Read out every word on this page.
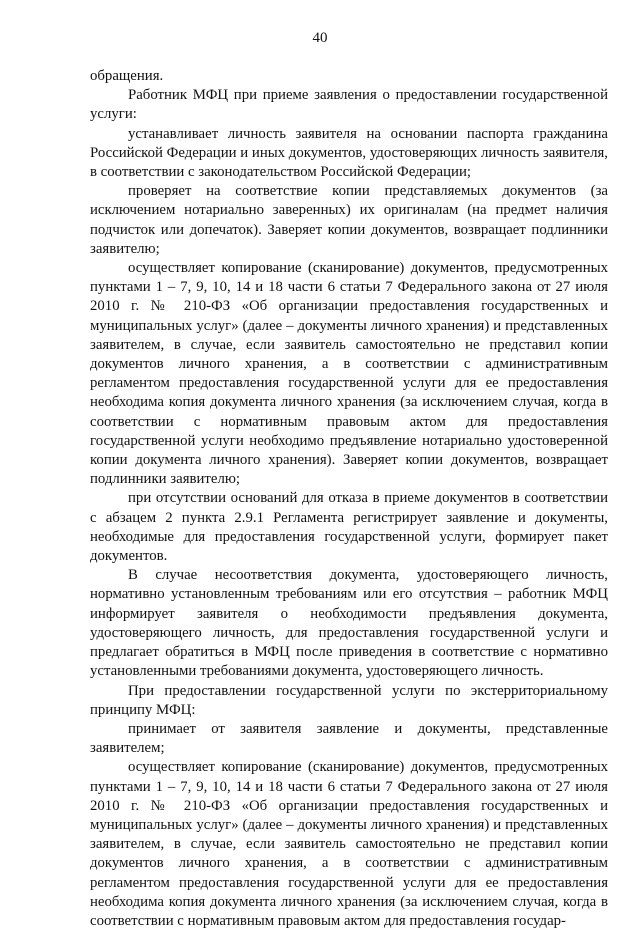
40

обращения.

Работник МФЦ при приеме заявления о предоставлении государственной услуги:

устанавливает личность заявителя на основании паспорта гражданина Российской Федерации и иных документов, удостоверяющих личность заявителя, в соответствии с законодательством Российской Федерации;

проверяет на соответствие копии представляемых документов (за исключением нотариально заверенных) их оригиналам (на предмет наличия подчисток или допечаток). Заверяет копии документов, возвращает подлинники заявителю;

осуществляет копирование (сканирование) документов, предусмотренных пунктами 1 – 7, 9, 10, 14 и 18 части 6 статьи 7 Федерального закона от 27 июля 2010 г. № 210-ФЗ «Об организации предоставления государственных и муниципальных услуг» (далее – документы личного хранения) и представленных заявителем, в случае, если заявитель самостоятельно не представил копии документов личного хранения, а в соответствии с административным регламентом предоставления государственной услуги для ее предоставления необходима копия документа личного хранения (за исключением случая, когда в соответствии с нормативным правовым актом для предоставления государственной услуги необходимо предъявление нотариально удостоверенной копии документа личного хранения). Заверяет копии документов, возвращает подлинники заявителю;

при отсутствии оснований для отказа в приеме документов в соответствии с абзацем 2 пункта 2.9.1 Регламента регистрирует заявление и документы, необходимые для предоставления государственной услуги, формирует пакет документов.

В случае несоответствия документа, удостоверяющего личность, нормативно установленным требованиям или его отсутствия – работник МФЦ информирует заявителя о необходимости предъявления документа, удостоверяющего личность, для предоставления государственной услуги и предлагает обратиться в МФЦ после приведения в соответствие с нормативно установленными требованиями документа, удостоверяющего личность.

При предоставлении государственной услуги по экстерриториальному принципу МФЦ:

принимает от заявителя заявление и документы, представленные заявителем;

осуществляет копирование (сканирование) документов, предусмотренных пунктами 1 – 7, 9, 10, 14 и 18 части 6 статьи 7 Федерального закона от 27 июля 2010 г. № 210-ФЗ «Об организации предоставления государственных и муниципальных услуг» (далее – документы личного хранения) и представленных заявителем, в случае, если заявитель самостоятельно не представил копии документов личного хранения, а в соответствии с административным регламентом предоставления государственной услуги для ее предоставления необходима копия документа личного хранения (за исключением случая, когда в соответствии с нормативным правовым актом для предоставления государ-
